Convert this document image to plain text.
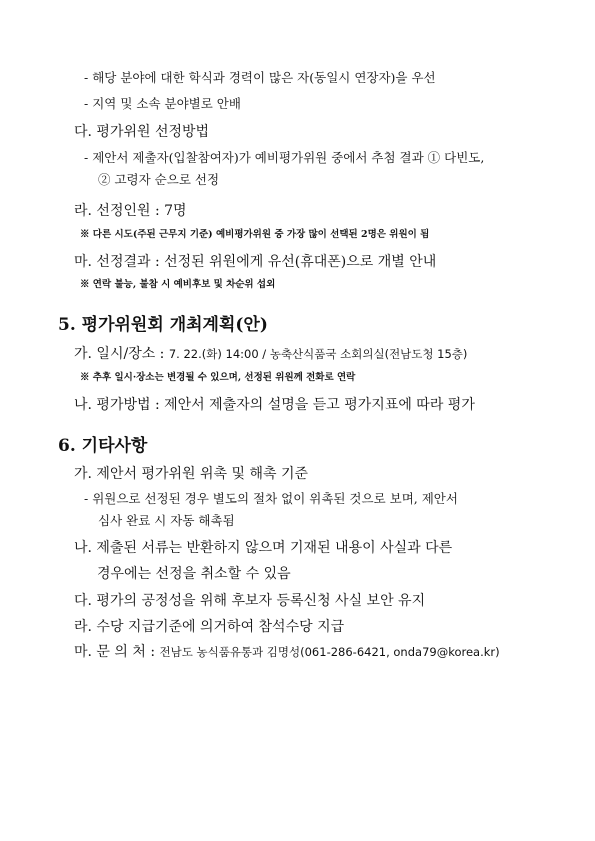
- 해당 분야에 대한 학식과 경력이 많은 자(동일시 연장자)을 우선
- 지역 및 소속 분야별로 안배
다. 평가위원 선정방법
- 제안서 제출자(입찰참여자)가 예비평가위원 중에서 추첨 결과 ① 다빈도,
② 고령자 순으로 선정
라. 선정인원 : 7명
※ 다른 시도(주된 근무지 기준) 예비평가위원 중 가장 많이 선택된 2명은 위원이 됨
마. 선정결과 : 선정된 위원에게 유선(휴대폰)으로 개별 안내
※ 연락 불능, 불참 시 예비후보 및 차순위 섭외
5. 평가위원회 개최계획(안)
가. 일시/장소 : 7. 22.(화) 14:00 / 농축산식품국 소회의실(전남도청 15층)
※ 추후 일시·장소는 변경될 수 있으며, 선정된 위원께 전화로 연락
나. 평가방법 : 제안서 제출자의 설명을 듣고 평가지표에 따라 평가
6. 기타사항
가. 제안서 평가위원 위촉 및 해촉 기준
- 위원으로 선정된 경우 별도의 절차 없이 위촉된 것으로 보며, 제안서
심사 완료 시 자동 해촉됨
나. 제출된 서류는 반환하지 않으며 기재된 내용이 사실과 다른
경우에는 선정을 취소할 수 있음
다. 평가의 공정성을 위해 후보자 등록신청 사실 보안 유지
라. 수당 지급기준에 의거하여 참석수당 지급
마. 문 의 처 : 전남도 농식품유통과 김명성(061-286-6421, onda79@korea.kr)
